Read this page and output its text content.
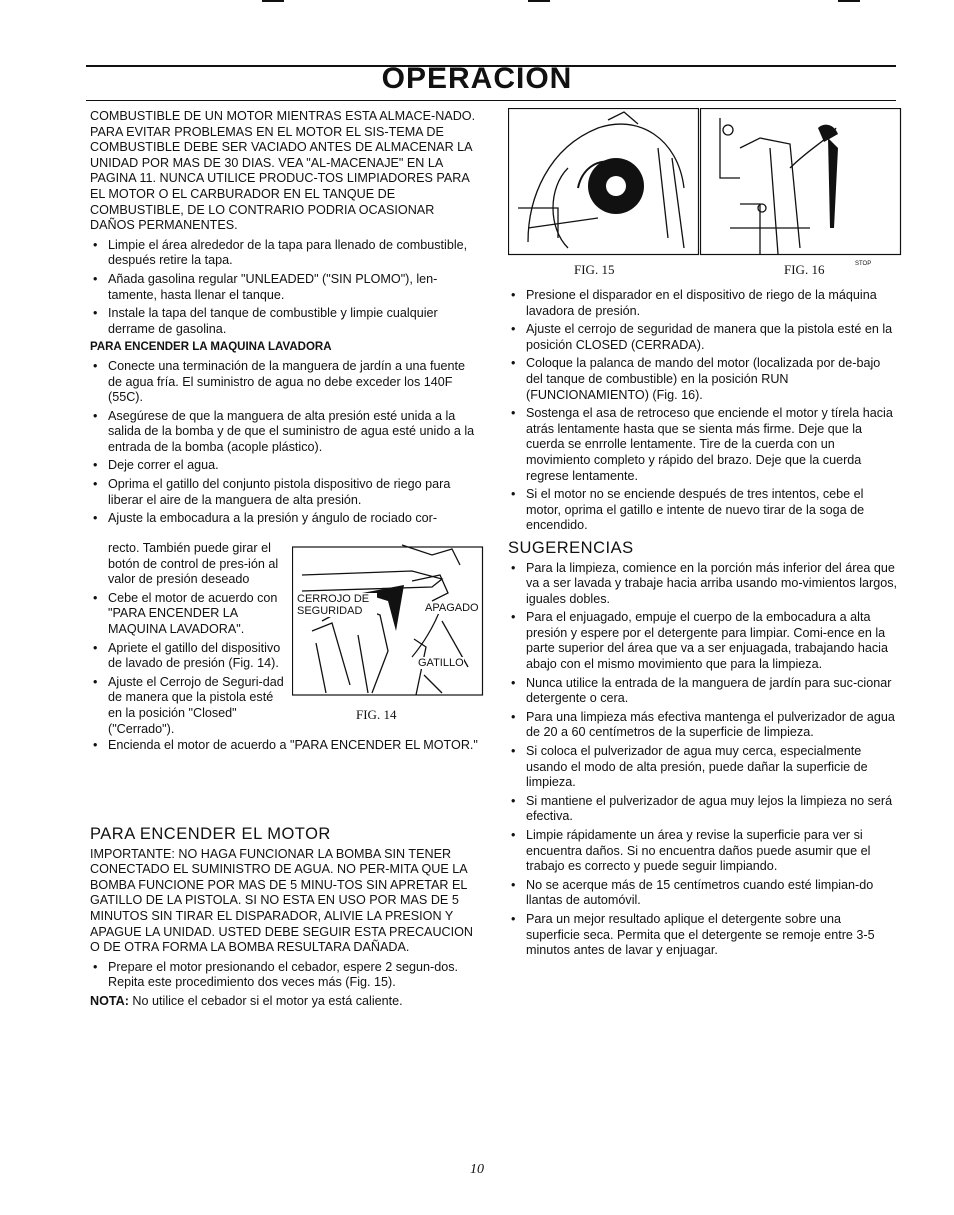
OPERACION

COMBUSTIBLE DE UN MOTOR MIENTRAS ESTA ALMACE-NADO. PARA EVITAR PROBLEMAS EN EL MOTOR EL SIS-TEMA DE COMBUSTIBLE DEBE SER VACIADO ANTES DE ALMACENAR LA UNIDAD POR MAS DE 30 DIAS. VEA "AL-MACENAJE" EN LA PAGINA 11. NUNCA UTILICE PRODUC-TOS LIMPIADORES PARA EL MOTOR O EL CARBURADOR EN EL TANQUE DE COMBUSTIBLE, DE LO CONTRARIO PODRIA OCASIONAR DAÑOS PERMANENTES.

• Limpie el área alrededor de la tapa para llenado de combustible, después retire la tapa.
• Añada gasolina regular "UNLEADED" ("SIN PLOMO"), len-tamente, hasta llenar el tanque.
• Instale la tapa del tanque de combustible y limpie cualquier derrame de gasolina.
PARA ENCENDER LA MAQUINA LAVADORA
• Conecte una terminación de la manguera de jardín a una fuente de agua fría. El suministro de agua no debe exceder los 140F (55C).
• Asegúrese de que la manguera de alta presión esté unida a la salida de la bomba y de que el suministro de agua esté unido a la entrada de la bomba (acople plástico).
• Deje correr el agua.
• Oprima el gatillo del conjunto pistola dispositivo de riego para liberar el aire de la manguera de alta presión.
• Ajuste la embocadura a la presión y ángulo de rociado cor-

recto. También puede girar el botón de control de pres-ión al valor de presión deseado

• Cebe el motor de acuerdo con "PARA ENCENDER LA MAQUINA LAVADORA".
• Apriete el gatillo del dispositivo de lavado de presión (Fig. 14).
• Ajuste el Cerrojo de Seguri-dad de manera que la pistola esté en la posición "Closed" ("Cerrado").
CERROJO DE SEGURIDAD	APAGADO
GATILLO
FIG. 14
• Encienda el motor de acuerdo a "PARA ENCENDER EL MOTOR."
PARA ENCENDER EL MOTOR

IMPORTANTE: NO HAGA FUNCIONAR LA BOMBA SIN TENER CONECTADO EL SUMINISTRO DE AGUA. NO PER-MITA QUE LA BOMBA FUNCIONE POR MAS DE 5 MINU-TOS SIN APRETAR EL GATILLO DE LA PISTOLA. SI NO ESTA EN USO POR MAS DE 5 MINUTOS SIN TIRAR EL DISPARADOR, ALIVIE LA PRESION Y APAGUE LA UNIDAD. USTED DEBE SEGUIR ESTA PRECAUCION O DE OTRA FORMA LA BOMBA RESULTARA DAÑADA.

• Prepare el motor presionando el cebador, espere 2 segun-dos. Repita este procedimiento dos veces más (Fig. 15).

NOTA: No utilice el cebador si el motor ya está caliente.

STOP
FIG. 15	FIG. 16
• Presione el disparador en el dispositivo de riego de la máquina lavadora de presión.
• Ajuste el cerrojo de seguridad de manera que la pistola esté en la posición CLOSED (CERRADA).
• Coloque la palanca de mando del motor (localizada por de-bajo del tanque de combustible) en la posición RUN (FUNCIONAMIENTO) (Fig. 16).
• Sostenga el asa de retroceso que enciende el motor y tírela hacia atrás lentamente hasta que se sienta más firme. Deje que la cuerda se enrrolle lentamente. Tire de la cuerda con un movimiento completo y rápido del brazo. Deje que la cuerda regrese lentamente.
• Si el motor no se enciende después de tres intentos, cebe el motor, oprima el gatillo e intente de nuevo tirar de la soga de encendido.
SUGERENCIAS
• Para la limpieza, comience en la porción más inferior del área que va a ser lavada y trabaje hacia arriba usando mo-vimientos largos, iguales dobles.
• Para el enjuagado, empuje el cuerpo de la embocadura a alta presión y espere por el detergente para limpiar. Comi-ence en la parte superior del área que va a ser enjuagada, trabajando hacia abajo con el mismo movimiento que para la limpieza.
• Nunca utilice la entrada de la manguera de jardín para suc-cionar detergente o cera.
• Para una limpieza más efectiva mantenga el pulverizador de agua de 20 a 60 centímetros de la superficie de limpieza.
• Si coloca el pulverizador de agua muy cerca, especialmente usando el modo de alta presión, puede dañar la superficie de limpieza.
• Si mantiene el pulverizador de agua muy lejos la limpieza no será efectiva.
• Limpie rápidamente un área y revise la superficie para ver si encuentra daños. Si no encuentra daños puede asumir que el trabajo es correcto y puede seguir limpiando.
• No se acerque más de 15 centímetros cuando esté limpian-do llantas de automóvil.
• Para un mejor resultado aplique el detergente sobre una superficie seca. Permita que el detergente se remoje entre 3-5 minutos antes de lavar y enjuagar.
10
